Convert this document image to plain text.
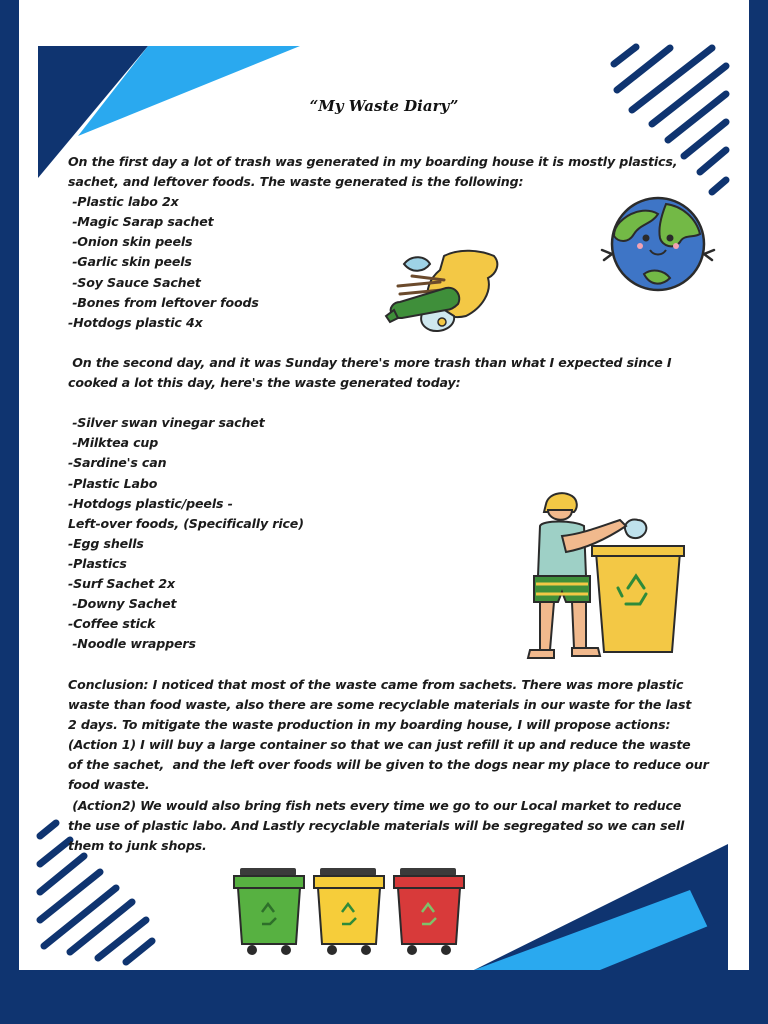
“My Waste Diary”

On the first day a lot of trash was generated in my boarding house it is mostly plastics,

sachet, and leftover foods. The waste generated is the following:

-Plastic labo 2x

-Magic Sarap sachet

-Onion skin peels

-Garlic skin peels

-Soy Sauce Sachet

-Bones from leftover foods

-Hotdogs plastic 4x

On the second day, and it was Sunday there's more trash than what I expected since I

cooked a lot this day, here's the waste generated today:

-Silver swan vinegar sachet

-Milktea cup

-Sardine's can

-Plastic Labo

-Hotdogs plastic/peels -

Left-over foods, (Specifically rice)

-Egg shells

-Plastics

-Surf Sachet 2x

-Downy Sachet

-Coffee stick

-Noodle wrappers

Conclusion: I noticed that most of the waste came from sachets. There was more plastic

waste than food waste, also there are some recyclable materials in our waste for the last

2 days. To mitigate the waste production in my boarding house, I will propose actions:

(Action 1) I will buy a large container so that we can just refill it up and reduce the waste

of the sachet,  and the left over foods will be given to the dogs near my place to reduce our

food waste.

(Action2) We would also bring fish nets every time we go to our Local market to reduce

the use of plastic labo. And Lastly recyclable materials will be segregated so we can sell

them to junk shops.
